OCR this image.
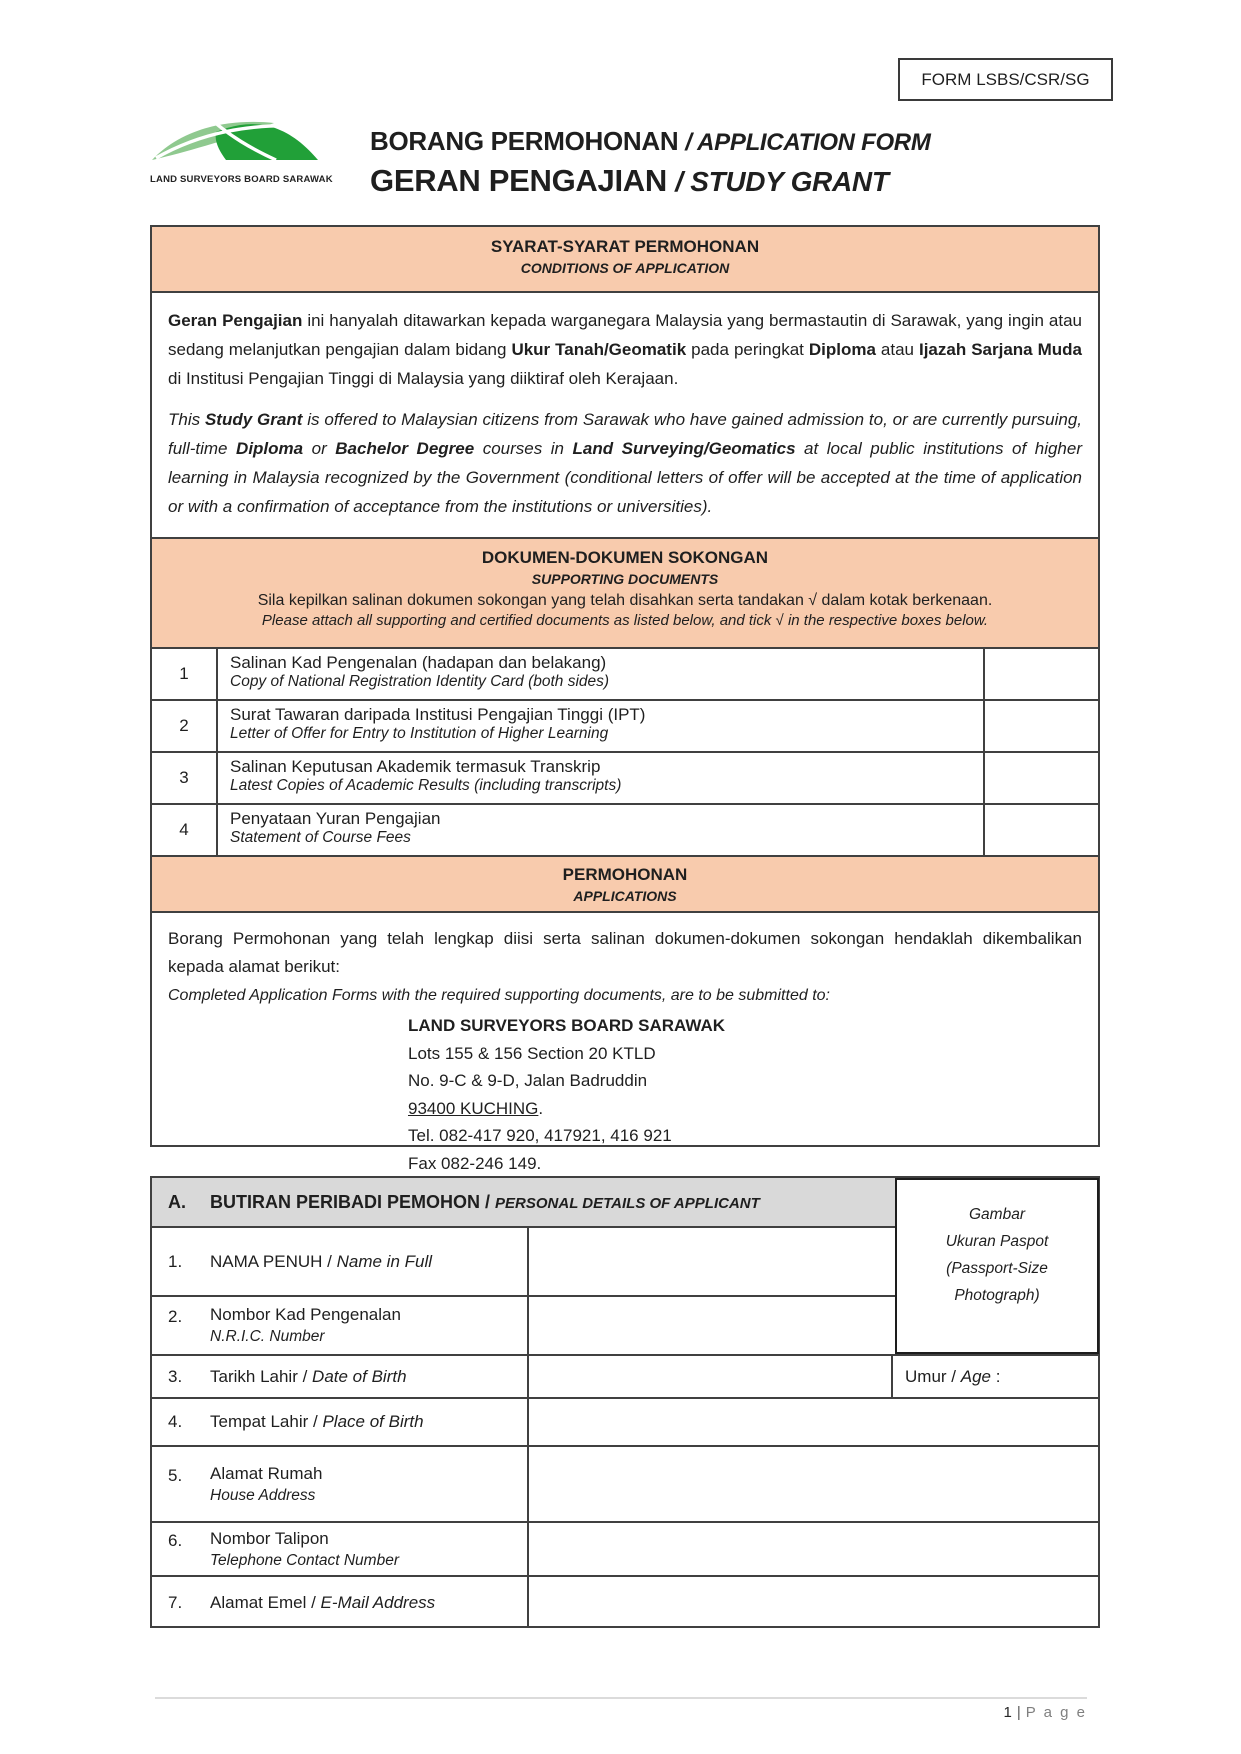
FORM LSBS/CSR/SG
LAND SURVEYORS BOARD SARAWAK
BORANG PERMOHONAN / APPLICATION FORM
GERAN PENGAJIAN / STUDY GRANT
SYARAT-SYARAT PERMOHONAN
CONDITIONS OF APPLICATION
Geran Pengajian ini hanyalah ditawarkan kepada warganegara Malaysia yang bermastautin di Sarawak, yang ingin atau sedang melanjutkan pengajian dalam bidang Ukur Tanah/Geomatik pada peringkat Diploma atau Ijazah Sarjana Muda di Institusi Pengajian Tinggi di Malaysia yang diiktiraf oleh Kerajaan.
This Study Grant is offered to Malaysian citizens from Sarawak who have gained admission to, or are currently pursuing, full-time Diploma or Bachelor Degree courses in Land Surveying/Geomatics at local public institutions of higher learning in Malaysia recognized by the Government (conditional letters of offer will be accepted at the time of application or with a confirmation of acceptance from the institutions or universities).
DOKUMEN-DOKUMEN SOKONGAN
SUPPORTING DOCUMENTS
Sila kepilkan salinan dokumen sokongan yang telah disahkan serta tandakan √ dalam kotak berkenaan.
Please attach all supporting and certified documents as listed below, and tick √ in the respective boxes below.
1
Salinan Kad Pengenalan (hadapan dan belakang)
Copy of National Registration Identity Card (both sides)
2
Surat Tawaran daripada Institusi Pengajian Tinggi (IPT)
Letter of Offer for Entry to Institution of Higher Learning
3
Salinan Keputusan Akademik termasuk Transkrip
Latest Copies of Academic Results (including transcripts)
4
Penyataan Yuran Pengajian
Statement of Course Fees
PERMOHONAN
APPLICATIONS
Borang Permohonan yang telah lengkap diisi serta salinan dokumen-dokumen sokongan hendaklah dikembalikan kepada alamat berikut:
Completed Application Forms with the required supporting documents, are to be submitted to:
LAND SURVEYORS BOARD SARAWAK
Lots 155 & 156 Section 20 KTLD
No. 9-C & 9-D, Jalan Badruddin
93400 KUCHING.
Tel. 082-417 920, 417921, 416 921
Fax 082-246 149.
A.	BUTIRAN PERIBADI PEMOHON / PERSONAL DETAILS OF APPLICANT
1.	NAMA PENUH / Name in Full
2.	Nombor Kad Pengenalan
N.R.I.C. Number
3.	Tarikh Lahir / Date of Birth	Umur / Age :
4.	Tempat Lahir / Place of Birth
5.	Alamat Rumah
House Address
6.	Nombor Talipon
Telephone Contact Number
7.	Alamat Emel / E-Mail Address
Gambar
Ukuran Paspot
(Passport-Size
Photograph)
1 | P a g e
